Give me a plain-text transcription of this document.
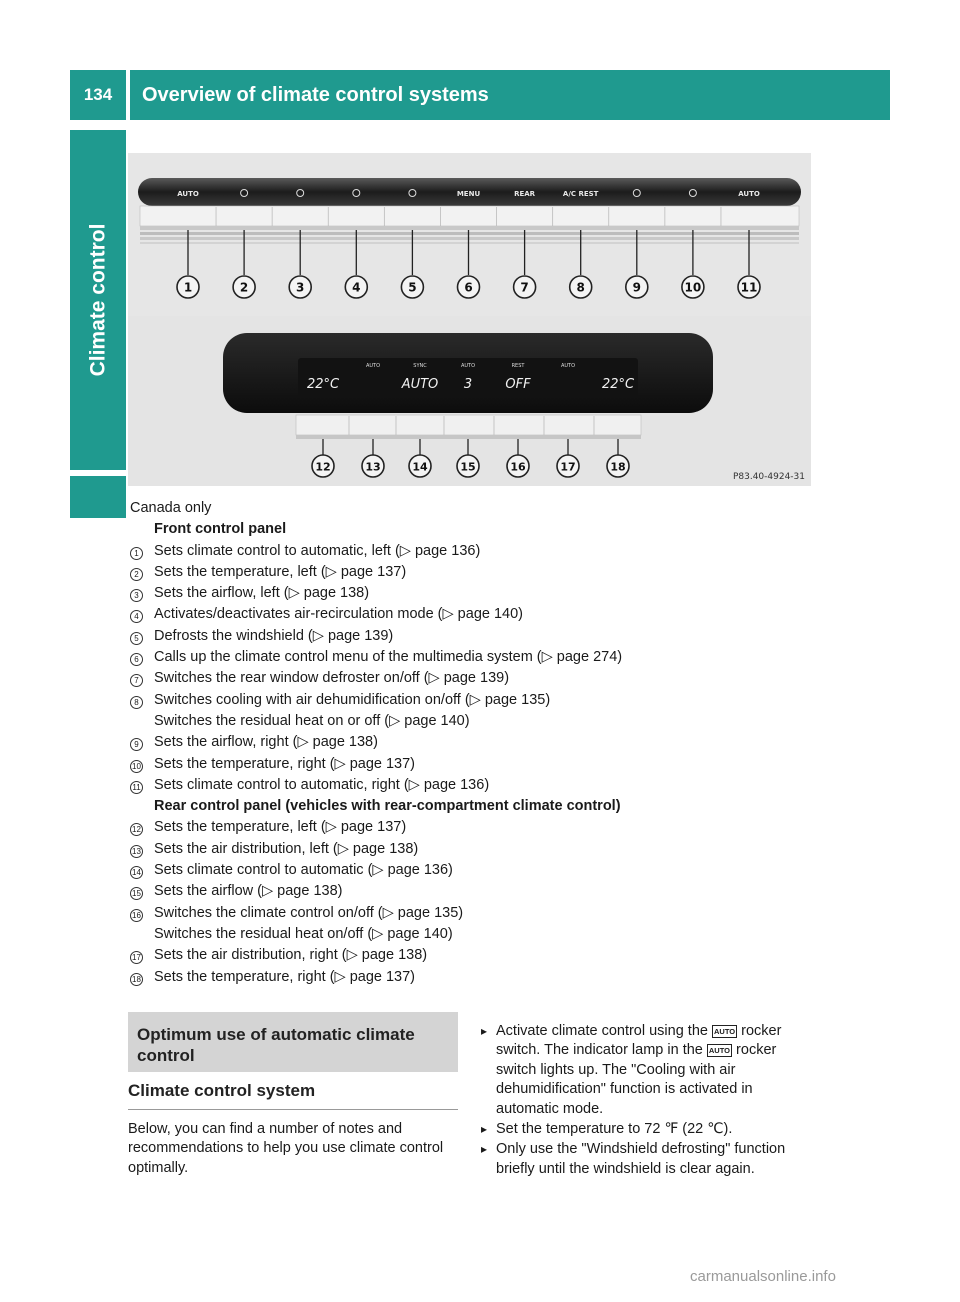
134	Overview of climate control systems
Climate control
AUTO	MENU	REAR	A/C REST	AUTO
1	2	3	4	5	6	7	8	9	10	11
AUTO	SYNC	AUTO	REST	AUTO
22°C	AUTO 3	OFF	22°C
12	13	14	15	16	17	18
P83.40-4924-31
Canada only
Front control panel
1	Sets climate control to automatic, left (▷ page 136)
2	Sets the temperature, left (▷ page 137)
3	Sets the airflow, left (▷ page 138)
4	Activates/deactivates air-recirculation mode (▷ page 140)
5	Defrosts the windshield (▷ page 139)
6	Calls up the climate control menu of the multimedia system (▷ page 274)
7	Switches the rear window defroster on/off (▷ page 139)
8	Switches cooling with air dehumidification on/off (▷ page 135)
Switches the residual heat on or off (▷ page 140)
9	Sets the airflow, right (▷ page 138)
10 Sets the temperature, right (▷ page 137)
11 Sets climate control to automatic, right (▷ page 136)
Rear control panel (vehicles with rear-compartment climate control)
12 Sets the temperature, left (▷ page 137)
13 Sets the air distribution, left (▷ page 138)
14 Sets climate control to automatic (▷ page 136)
15 Sets the airflow (▷ page 138)
16 Switches the climate control on/off (▷ page 135)
Switches the residual heat on/off (▷ page 140)
17 Sets the air distribution, right (▷ page 138)
18 Sets the temperature, right (▷ page 137)
Optimum use of automatic climate control
Climate control system
Below, you can find a number of notes and recommendations to help you use climate control optimally.
▸ Activate climate control using the AUTO rocker switch. The indicator lamp in the AUTO rocker switch lights up. The "Cooling with air dehumidification" function is activated in automatic mode.
▸ Set the temperature to 72 ℉ (22 ℃).
▸ Only use the "Windshield defrosting" function briefly until the windshield is clear again.
carmanualsonline.info
